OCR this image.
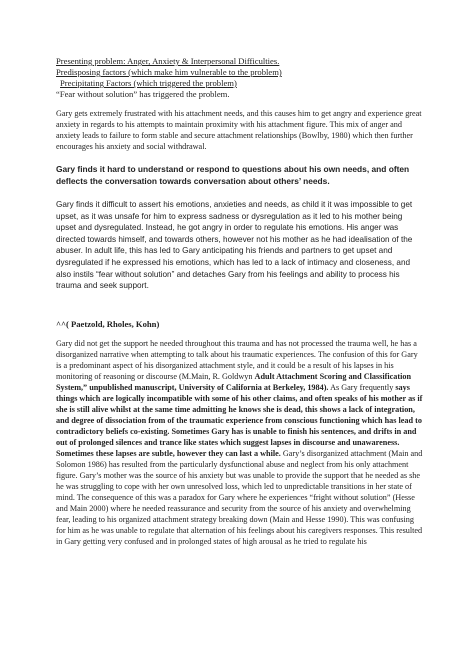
Presenting problem: Anger, Anxiety & Interpersonal Difficulties.
Predisposing factors (which make him vulnerable to the problem)
Precipitating Factors (which triggered the problem)
“Fear without solution” has triggered the problem.

Gary gets extremely frustrated with his attachment needs, and this causes him to get angry and experience great anxiety in regards to his attempts to maintain proximity with his attachment figure. This mix of anger and anxiety leads to failure to form stable and secure attachment relationships (Bowlby, 1980) which then further encourages his anxiety and social withdrawal.

Gary finds it hard to understand or respond to questions about his own needs, and often deflects the conversation towards conversation about others’ needs.

Gary finds it difficult to assert his emotions, anxieties and needs, as child it it was impossible to get upset, as it was unsafe for him to express sadness or dysregulation as it led to his mother being upset and dysregulated. Instead, he got angry in order to regulate his emotions. His anger was directed towards himself, and towards others, however not his mother as he had idealisation of the abuser. In adult life, this has led to Gary anticipating his friends and partners to get upset and dysregulated if he expressed his emotions, which has led to a lack of intimacy and closeness, and also instils “fear without solution” and detaches Gary from his feelings and ability to process his trauma and seek support.

^^( Paetzold, Rholes, Kohn)

Gary did not get the support he needed throughout this trauma and has not processed the trauma well, he has a disorganized narrative when attempting to talk about his traumatic experiences. The confusion of this for Gary is a predominant aspect of his disorganized attachment style, and it could be a result of his lapses in his monitoring of reasoning or discourse (M.Main, R. Goldwyn Adult Attachment Scoring and Classification System,” unpublished manuscript, University of California at Berkeley, 1984). As Gary frequently says things which are logically incompatible with some of his other claims, and often speaks of his mother as if she is still alive whilst at the same time admitting he knows she is dead, this shows a lack of integration, and degree of dissociation from of the traumatic experience from conscious functioning which has lead to contradictory beliefs co-existing. Sometimes Gary has is unable to finish his sentences, and drifts in and out of prolonged silences and trance like states which suggest lapses in discourse and unawareness. Sometimes these lapses are subtle, however they can last a while. Gary’s disorganized attachment (Main and Solomon 1986) has resulted from the particularly dysfunctional abuse and neglect from his only attachment figure. Gary’s mother was the source of his anxiety but was unable to provide the support that he needed as she he was struggling to cope with her own unresolved loss, which led to unpredictable transitions in her state of mind. The consequence of this was a paradox for Gary where he experiences “fright without solution” (Hesse and Main 2000) where he needed reassurance and security from the source of his anxiety and overwhelming fear, leading to his organized attachment strategy breaking down (Main and Hesse 1990). This was confusing for him as he was unable to regulate that alternation of his feelings about his caregivers responses. This resulted in Gary getting very confused and in prolonged states of high arousal as he tried to regulate his
